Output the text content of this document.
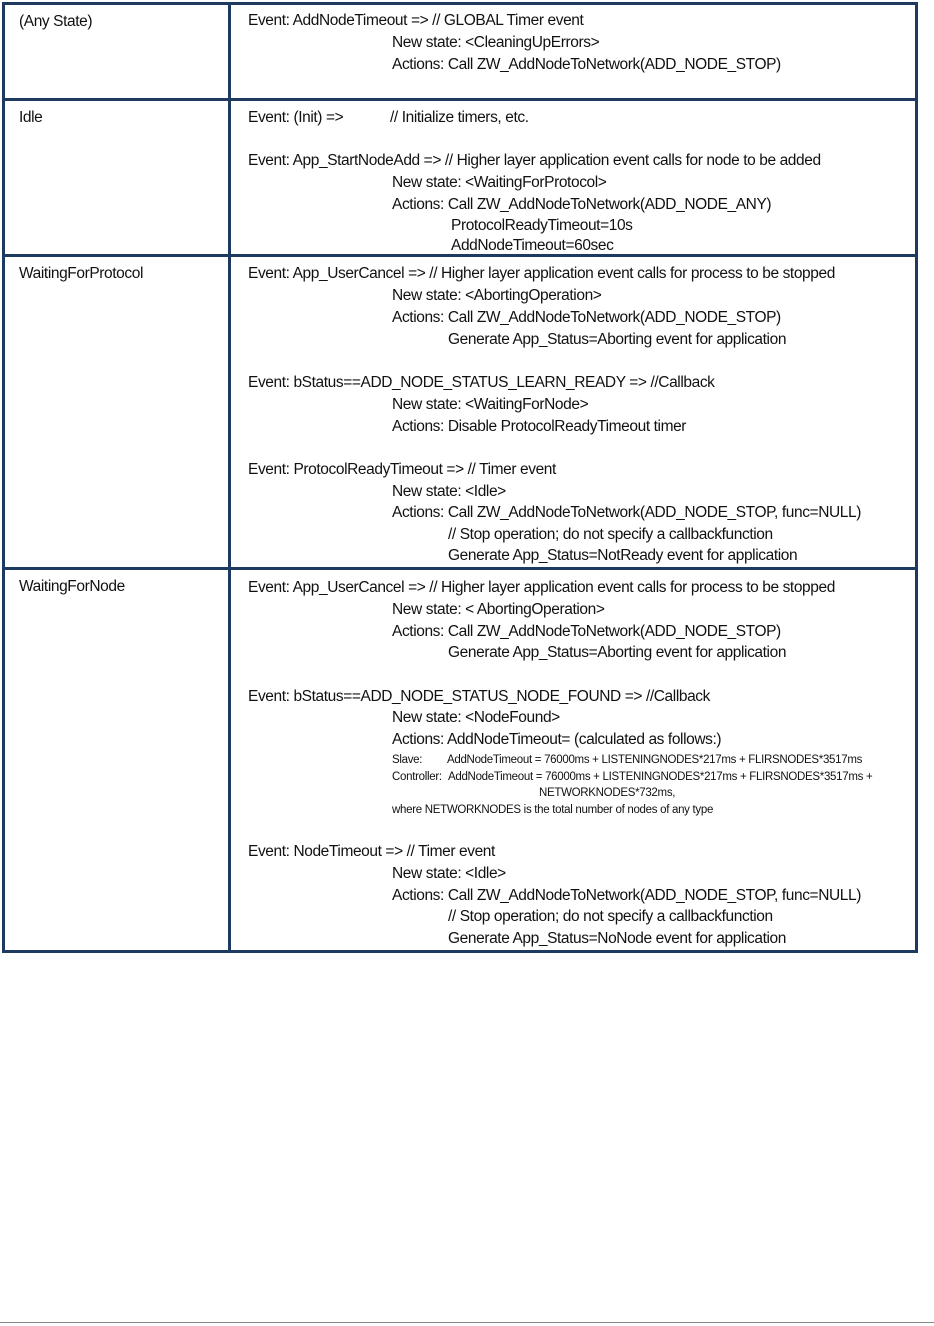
(Any State)	Event: AddNodeTimeout => // GLOBAL Timer event
New state: <CleaningUpErrors>
Actions: Call ZW_AddNodeToNetwork(ADD_NODE_STOP)
Idle	Event: (Init) =>	// Initialize timers, etc.
Event: App_StartNodeAdd => // Higher layer application event calls for node to be added
New state: <WaitingForProtocol>
Actions: Call ZW_AddNodeToNetwork(ADD_NODE_ANY)
ProtocolReadyTimeout=10s
AddNodeTimeout=60sec
WaitingForProtocol	Event: App_UserCancel => // Higher layer application event calls for process to be stopped
New state: <AbortingOperation>
Actions: Call ZW_AddNodeToNetwork(ADD_NODE_STOP)
Generate App_Status=Aborting event for application
Event: bStatus==ADD_NODE_STATUS_LEARN_READY => //Callback
New state: <WaitingForNode>
Actions: Disable ProtocolReadyTimeout timer
Event: ProtocolReadyTimeout => // Timer event
New state: <Idle>
Actions: Call ZW_AddNodeToNetwork(ADD_NODE_STOP, func=NULL)
// Stop operation; do not specify a callbackfunction
Generate App_Status=NotReady event for application
WaitingForNode	Event: App_UserCancel => // Higher layer application event calls for process to be stopped
New state: < AbortingOperation>
Actions: Call ZW_AddNodeToNetwork(ADD_NODE_STOP)
Generate App_Status=Aborting event for application
Event: bStatus==ADD_NODE_STATUS_NODE_FOUND => //Callback
New state: <NodeFound>
Actions: AddNodeTimeout= (calculated as follows:)
Slave: AddNodeTimeout = 76000ms + LISTENINGNODES*217ms + FLIRSNODES*3517ms
Controller: AddNodeTimeout = 76000ms + LISTENINGNODES*217ms + FLIRSNODES*3517ms +
NETWORKNODES*732ms,
where NETWORKNODES is the total number of nodes of any type
Event: NodeTimeout => // Timer event
New state: <Idle>
Actions: Call ZW_AddNodeToNetwork(ADD_NODE_STOP, func=NULL)
// Stop operation; do not specify a callbackfunction
Generate App_Status=NoNode event for application
